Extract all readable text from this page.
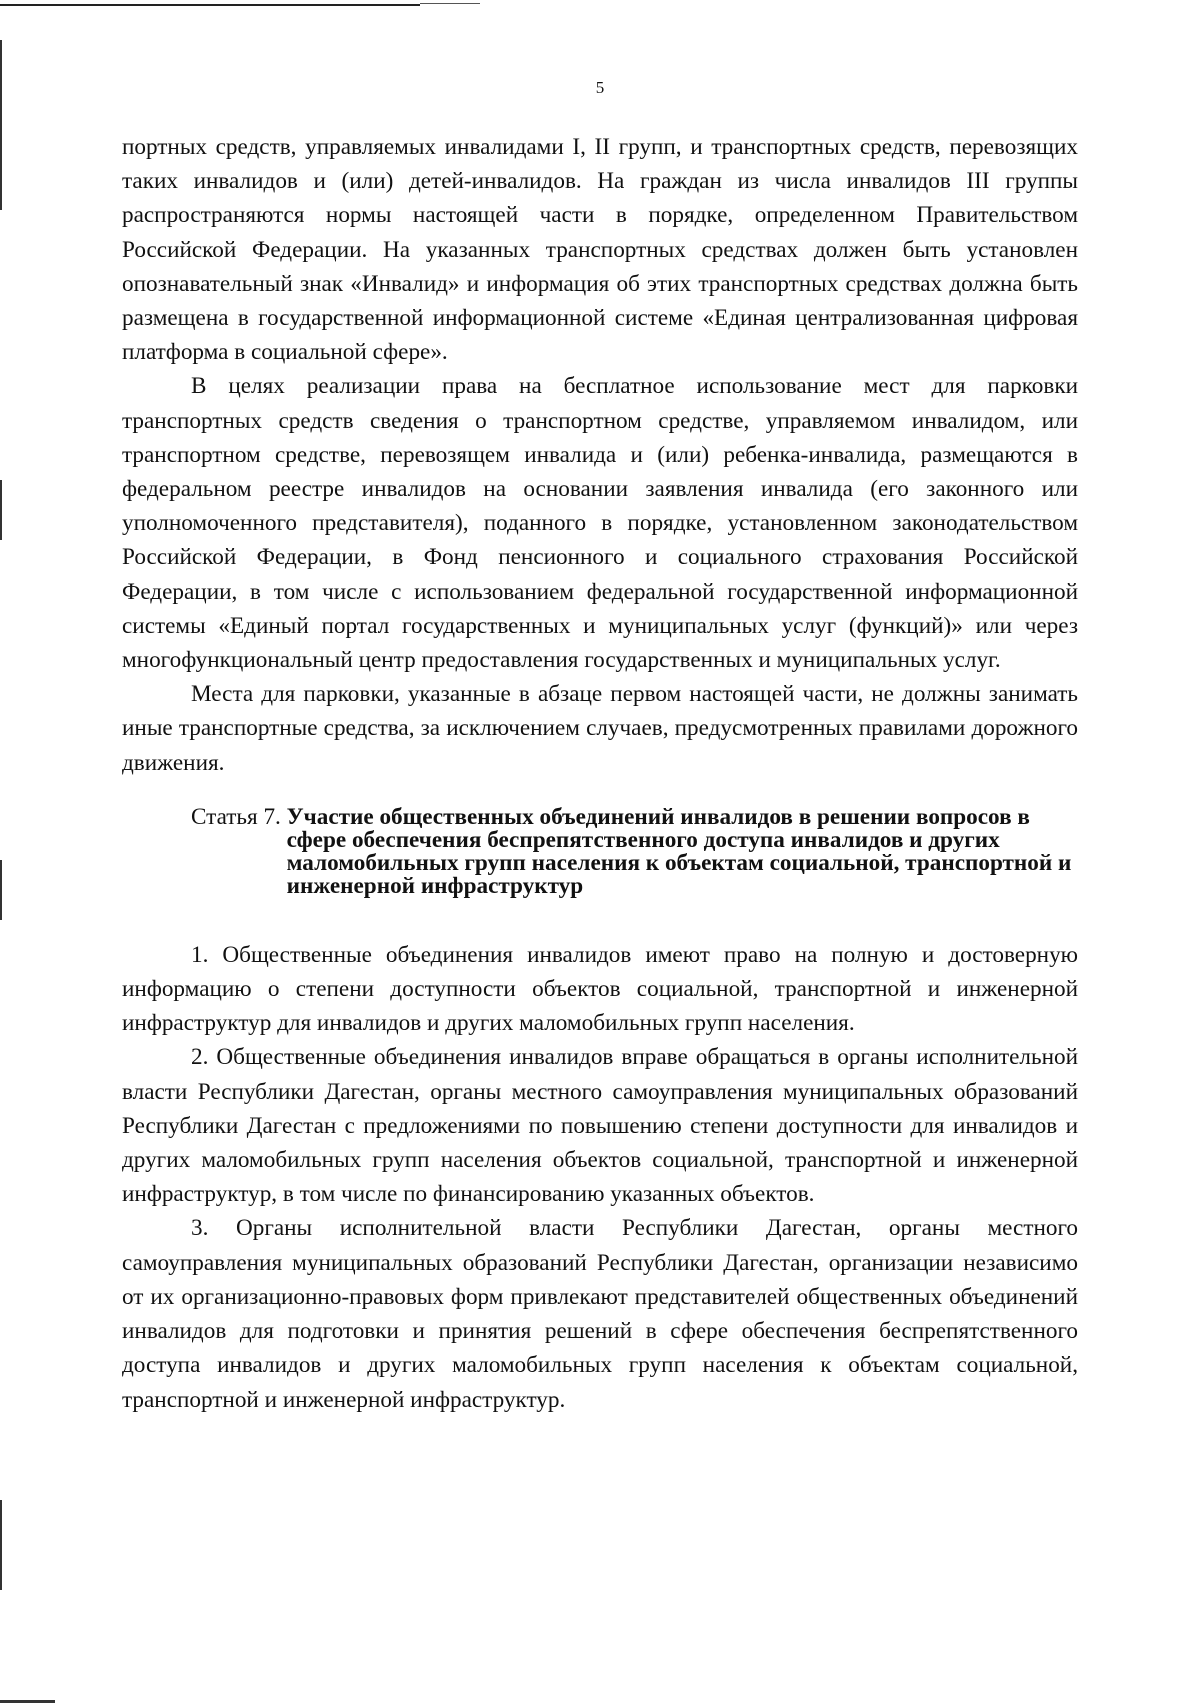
5

портных средств, управляемых инвалидами I, II групп, и транспортных средств, перевозящих таких инвалидов и (или) детей-инвалидов. На граждан из числа инвалидов III группы распространяются нормы настоящей части в порядке, определенном Правительством Российской Федерации. На указанных транспортных средствах должен быть установлен опознавательный знак «Инвалид» и информация об этих транспортных средствах должна быть размещена в государственной информационной системе «Единая централизованная цифровая платформа в социальной сфере».

В целях реализации права на бесплатное использование мест для парковки транспортных средств сведения о транспортном средстве, управляемом инвалидом, или транспортном средстве, перевозящем инвалида и (или) ребенка-инвалида, размещаются в федеральном реестре инвалидов на основании заявления инвалида (его законного или уполномоченного представителя), поданного в порядке, установленном законодательством Российской Федерации, в Фонд пенсионного и социального страхования Российской Федерации, в том числе с использованием федеральной государственной информационной системы «Единый портал государственных и муниципальных услуг (функций)» или через многофункциональный центр предоставления государственных и муниципальных услуг.

Места для парковки, указанные в абзаце первом настоящей части, не должны занимать иные транспортные средства, за исключением случаев, предусмотренных правилами дорожного движения.

Статья 7. Участие общественных объединений инвалидов в решении вопросов в сфере обеспечения беспрепятственного доступа инвалидов и других маломобильных групп населения к объектам социальной, транспортной и инженерной инфраструктур

1. Общественные объединения инвалидов имеют право на полную и достоверную информацию о степени доступности объектов социальной, транспортной и инженерной инфраструктур для инвалидов и других маломобильных групп населения.

2. Общественные объединения инвалидов вправе обращаться в органы исполнительной власти Республики Дагестан, органы местного самоуправления муниципальных образований Республики Дагестан с предложениями по повышению степени доступности для инвалидов и других маломобильных групп населения объектов социальной, транспортной и инженерной инфраструктур, в том числе по финансированию указанных объектов.

3. Органы исполнительной власти Республики Дагестан, органы местного самоуправления муниципальных образований Республики Дагестан, организации независимо от их организационно-правовых форм привлекают представителей общественных объединений инвалидов для подготовки и принятия решений в сфере обеспечения беспрепятственного доступа инвалидов и других маломобильных групп населения к объектам социальной, транспортной и инженерной инфраструктур.
